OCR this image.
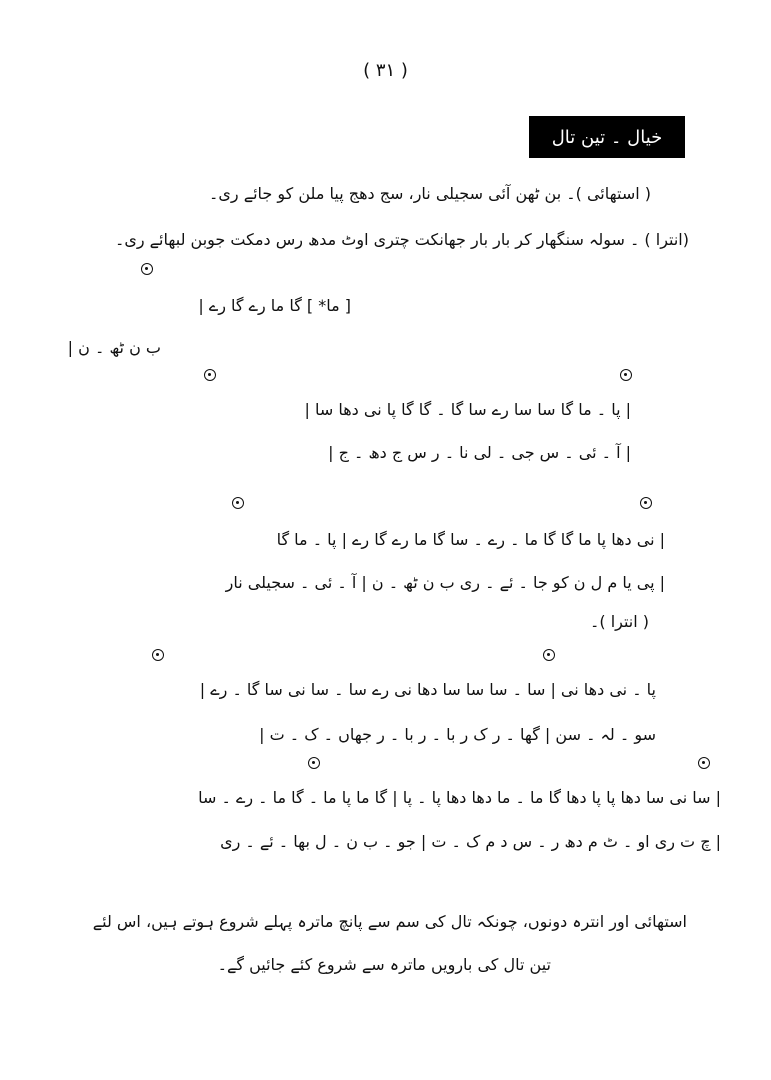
( ۳۱ )
خیال ۔ تین تال
( استھائی )۔ بن ٹھن آئی سجیلی نار، سج دھج پیا ملن کو جائے ری۔
(انترا ) ۔ سولہ سنگھار کر بار بار جھانکت چتری اوٹ مدھ رس دمکت جوبن لبھائے ری۔
[ ما* ] گا ما رے گا رے |
ب ن ٹھ ۔ ن |
| پا ۔ ما گا سا سا رے سا گا ۔ گا گا پا نی دھا سا |
| آ ۔ ئی ۔ س جی ۔ لی نا ۔ ر س ج دھ ۔ ج |
| نی دھا پا ما گا گا ما ۔ رے ۔ سا گا ما رے گا رے | پا ۔ ما گا
| پی یا م ل ن کو جا ۔ ئے ۔ ری ب ن ٹھ ۔ ن | آ ۔ ئی ۔ سجیلی نار
( انترا )۔
پا ۔ نی دھا نی | سا ۔ سا سا سا دھا نی رے سا ۔ سا نی سا گا ۔ رے |
سو ۔ لہ ۔ سن | گھا ۔ ر ک ر با ۔ ر با ۔ ر جھاں ۔ ک ۔ ت |
| سا نی سا دھا پا پا دھا گا ما ۔ ما دھا دھا پا ۔ پا | گا ما پا ما ۔ گا ما ۔ رے ۔ سا
| چ ت ری او ۔ ٹ م دھ ر ۔ س د م ک ۔ ت | جو ۔ ب ن ۔ ل بھا ۔ ئے ۔ ری
استھائی اور انترہ دونوں، چونکہ تال کی سم سے پانچ ماترہ پہلے شروع ہوتے ہیں، اس لئے
تین تال کی بارویں ماترہ سے شروع کئے جائیں گے۔
